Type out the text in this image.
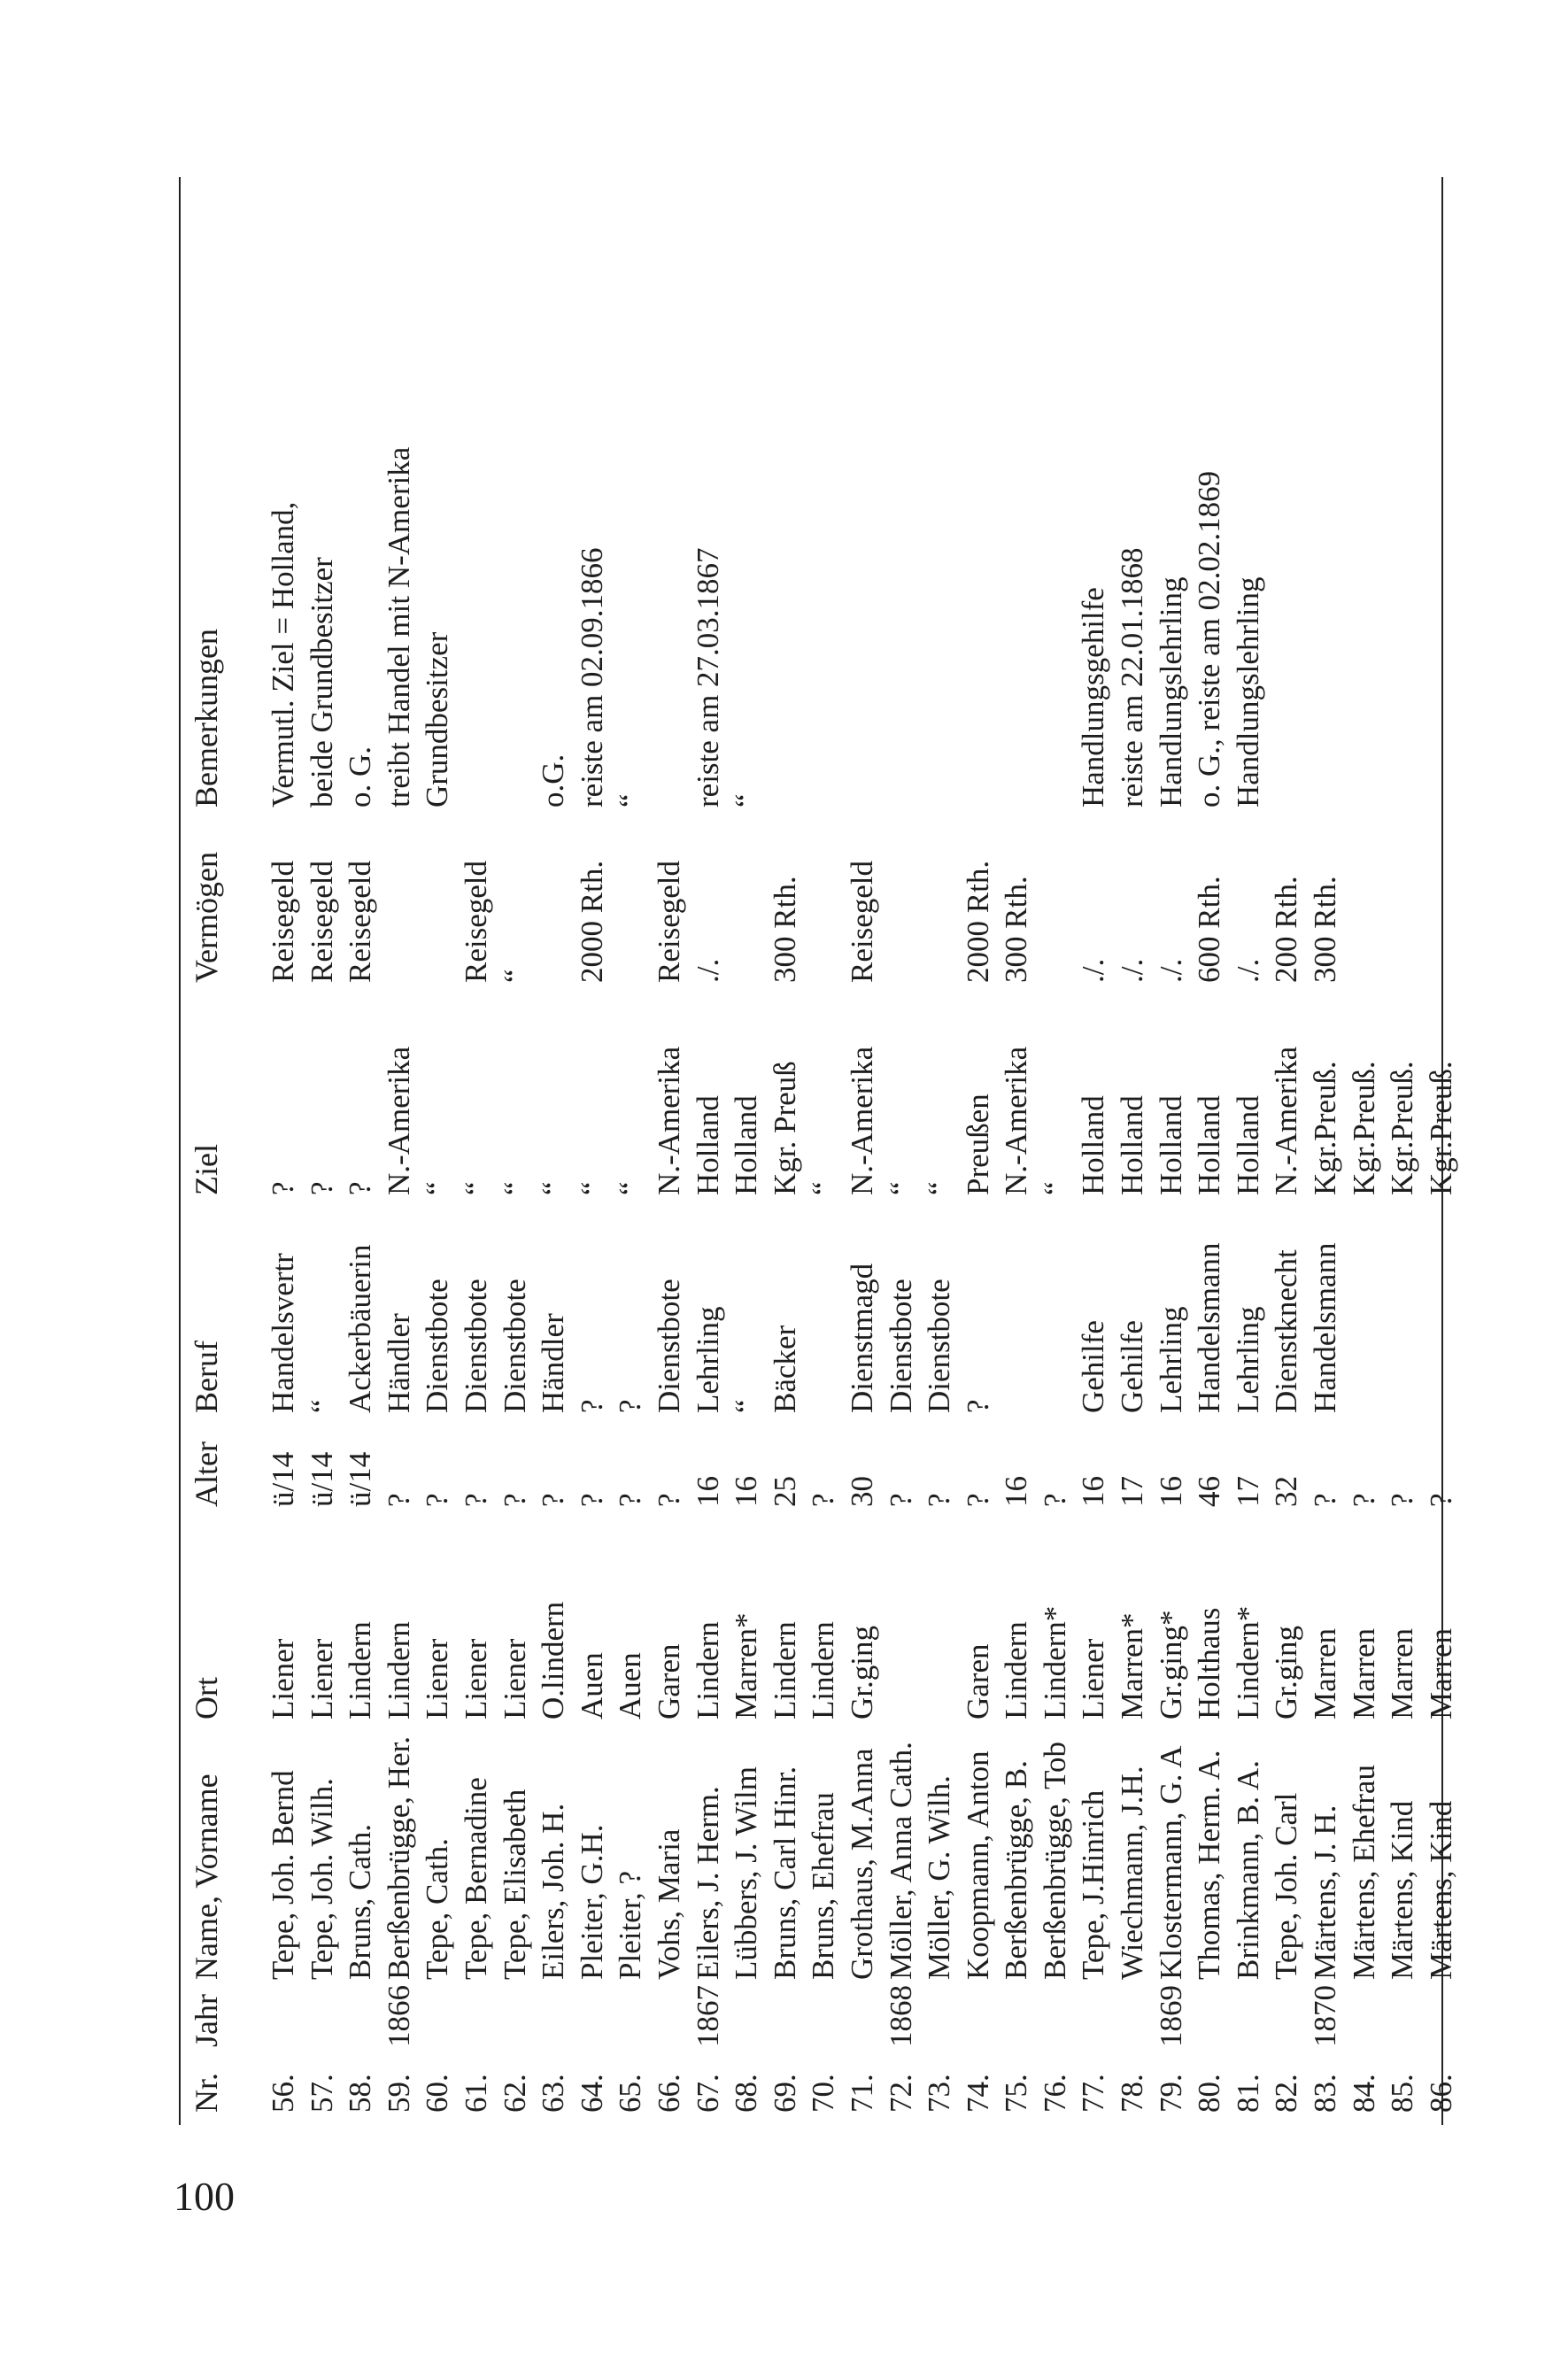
100
Nr.	Jahr	Name, Vorname	Ort	Alter	Beruf	Ziel	Vermögen	Bemerkungen
56.		Tepe, Joh. Bernd	Liener	ü/14	Handelsvertr	?	Reisegeld	Vermutl. Ziel = Holland,
57.		Tepe, Joh. Wilh.	Liener	ü/14	“	?	Reisegeld	beide Grundbesitzer
58.		Bruns, Cath.	Lindern	ü/14	Ackerbäuerin	?	Reisegeld	o. G.
59.	1866	Berßenbrügge, Her.	Lindern	?	Händler	N.-Amerika		treibt Handel mit N-Amerika
60.		Tepe, Cath.	Liener	?	Dienstbote	“		Grundbesitzer
61.		Tepe, Bernadine	Liener	?	Dienstbote	“	Reisegeld	
62.		Tepe, Elisabeth	Liener	?	Dienstbote	“	“	
63.		Eilers, Joh. H.	O.lindern	?	Händler	“		o.G.
64.		Pleiter, G.H.	Auen	?	?	“	2000 Rth.	reiste am 02.09.1866
65.		Pleiter, ?	Auen	?	?	“		“
66.		Vohs, Maria	Garen	?	Dienstbote	N.-Amerika	Reisegeld	
67.	1867	Eilers, J. Herm.	Lindern	16	Lehrling	Holland	./.	reiste am 27.03.1867
68.		Lübbers, J. Wilm	Marren*	16	“	Holland		“
69.		Bruns, Carl Hinr.	Lindern	25	Bäcker	Kgr. Preuß	300 Rth.	
70.		Bruns, Ehefrau	Lindern	?		“		
71.		Grothaus, M.Anna	Gr.ging	30	Dienstmagd	N.-Amerika	Reisegeld	
72.	1868	Möller, Anna Cath.		?	Dienstbote	“		
73.		Möller, G. Wilh.		?	Dienstbote	“		
74.		Koopmann, Anton	Garen	?	?	Preußen	2000 Rth.	
75.		Berßenbrügge, B.	Lindern	16		N.-Amerika	300 Rth.	
76.		Berßenbrügge, Tob	Lindern*	?		“		
77.		Tepe, J.Hinrich	Liener	16	Gehilfe	Holland	./.	Handlungsgehilfe
78.		Wiechmann, J.H.	Marren*	17	Gehilfe	Holland	./.	reiste am 22.01.1868
79.	1869	Klostermann, G. A	Gr.ging*	16	Lehrling	Holland	./.	Handlungslehrling
80.		Thomas, Herm. A.	Holthaus	46	Handelsmann	Holland	600 Rth.	o. G., reiste am 02.02.1869
81.		Brinkmann, B. A.	Lindern*	17	Lehrling	Holland	./.	Handlungslehrling
82.		Tepe, Joh. Carl	Gr.ging	32	Dienstknecht	N.-Amerika	200 Rth.	
83.	1870	Märtens, J. H.	Marren	?	Handelsmann	Kgr.Preuß.	300 Rth.	
84.		Märtens, Ehefrau	Marren	?		Kgr.Preuß.		
85.		Märtens, Kind	Marren	?		Kgr.Preuß.		
86.		Märtens, Kind	Marren	?		Kgr.Preuß.		
